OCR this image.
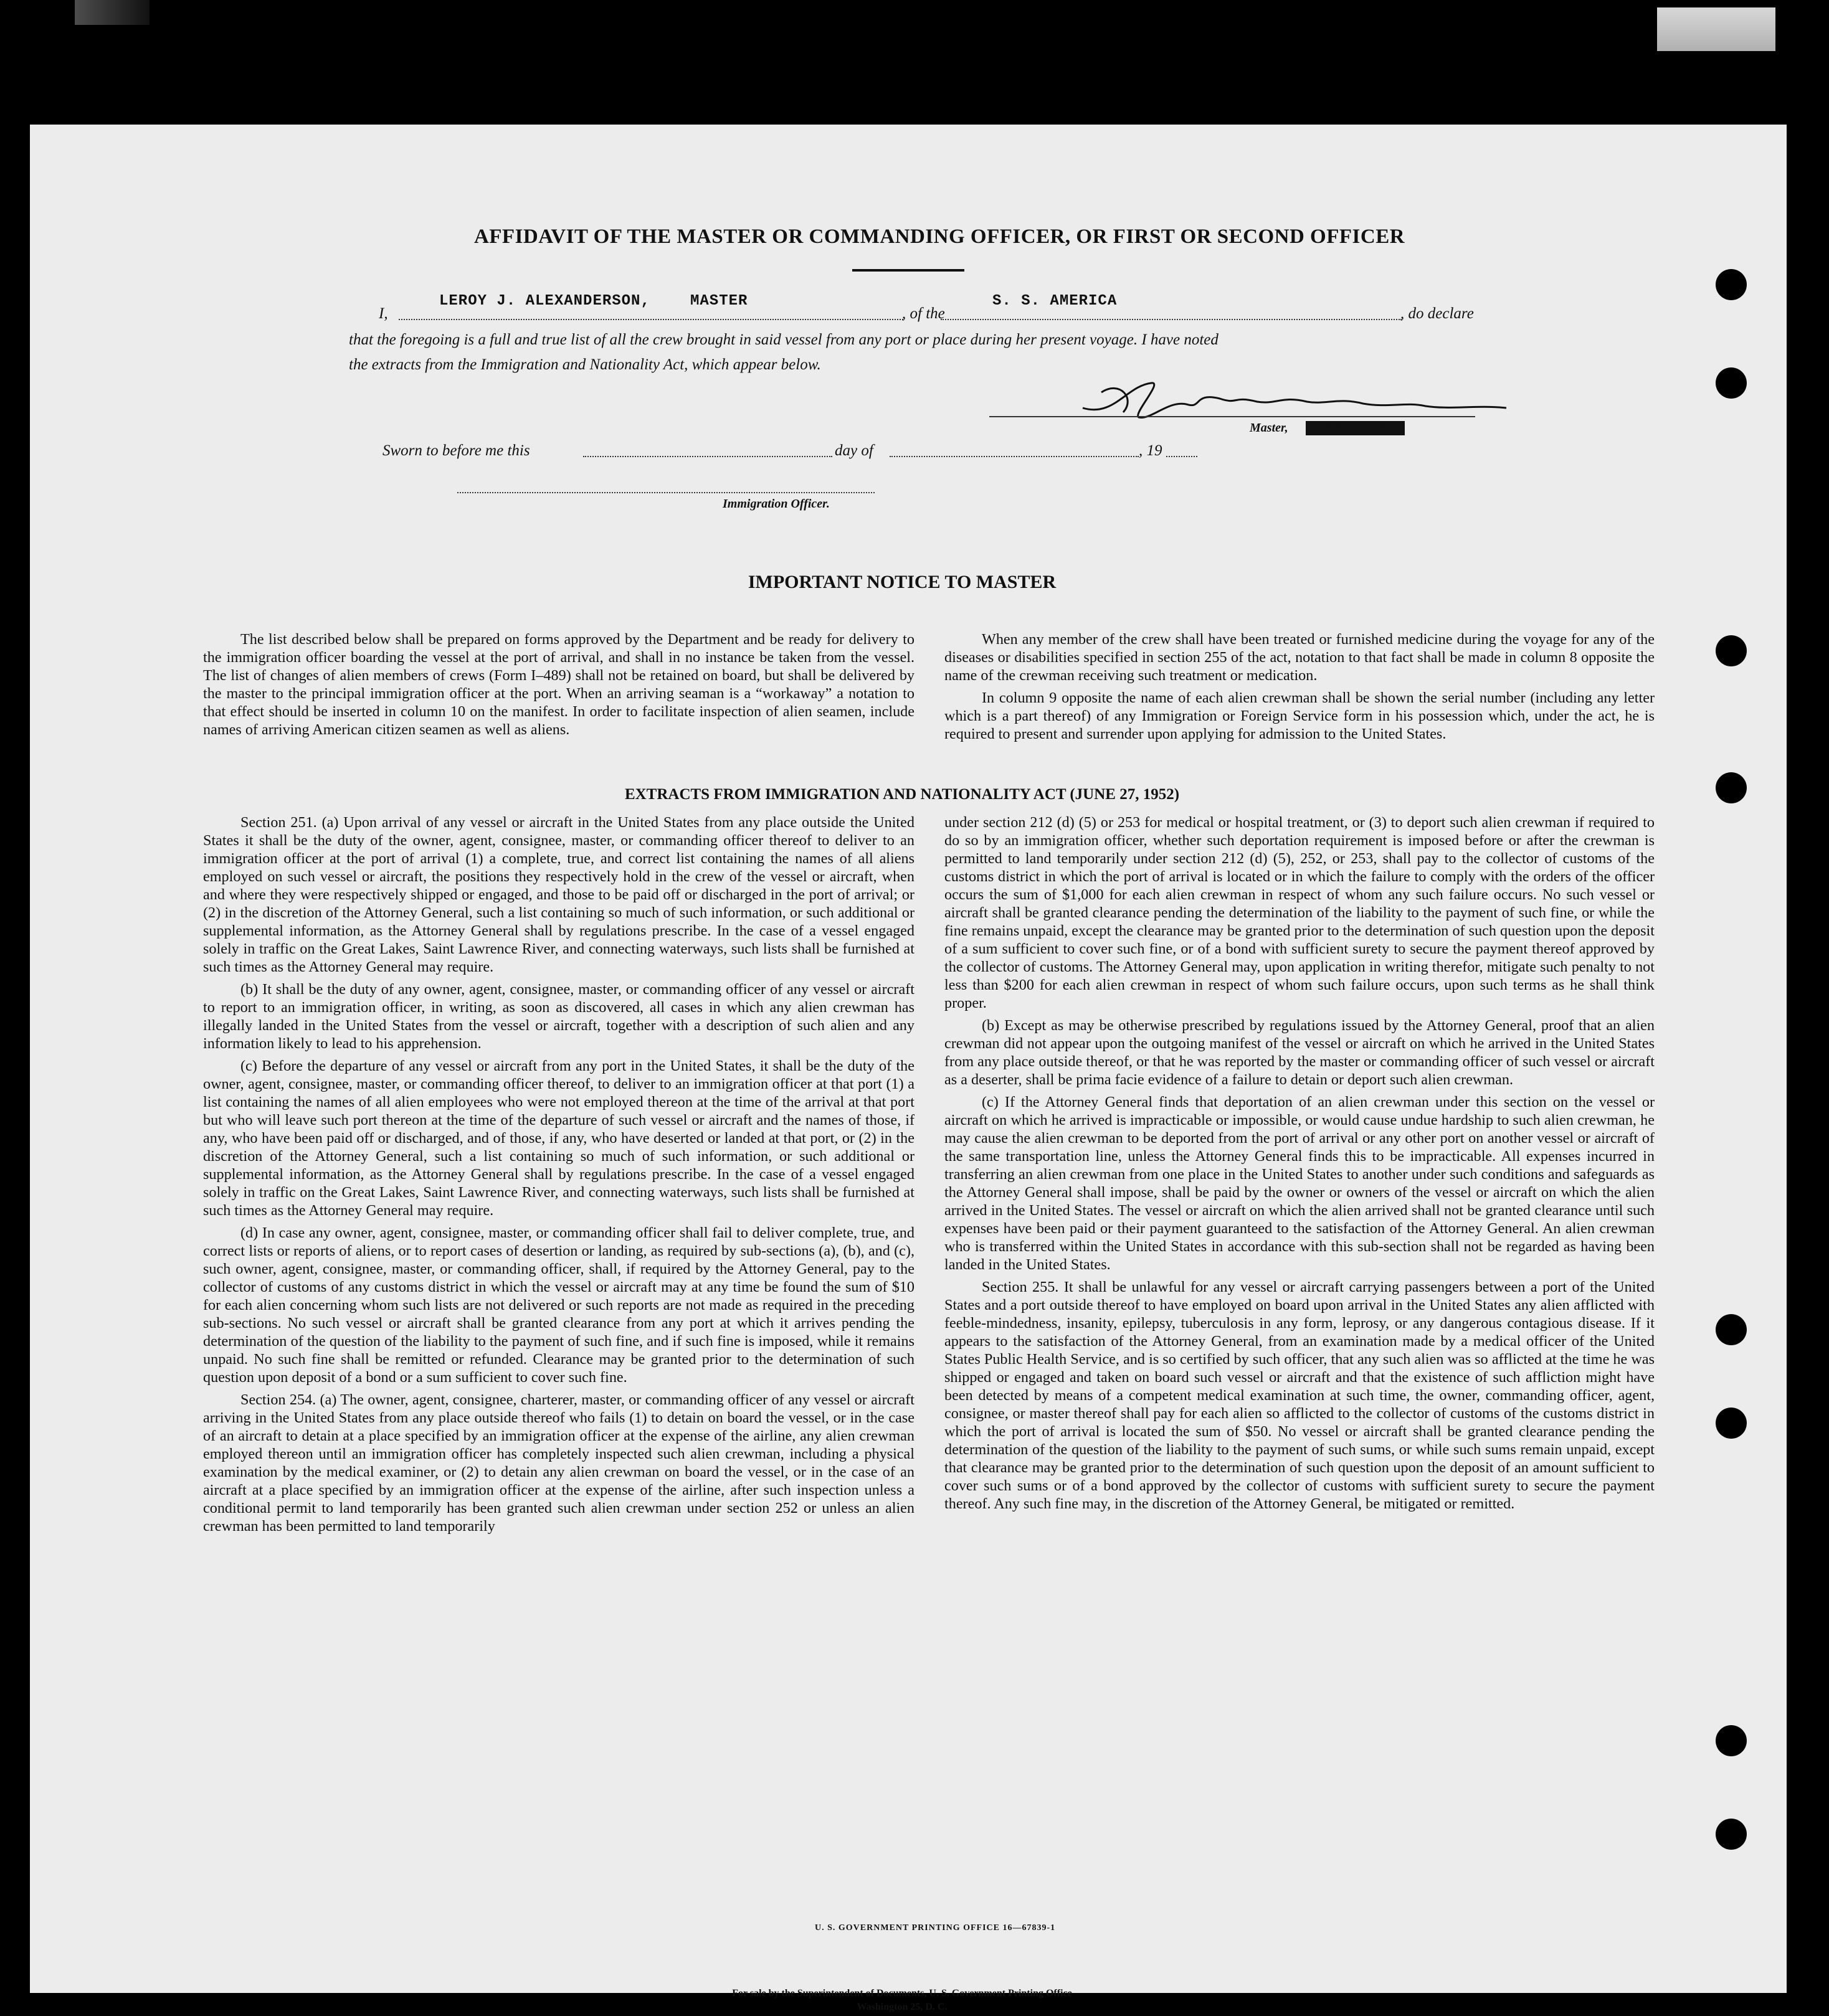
AFFIDAVIT OF THE MASTER OR COMMANDING OFFICER, OR FIRST OR SECOND OFFICER
I,
LEROY J. ALEXANDERSON,	MASTER
, of the
S. S. AMERICA
, do declare
that the foregoing is a full and true list of all the crew brought in said vessel from any port or place during her present voyage. I have noted
the extracts from the Immigration and Nationality Act, which appear below.
Master, XXXXXXXXXXX
Sworn to before me this	day of	, 19
Immigration Officer.
IMPORTANT NOTICE TO MASTER

The list described below shall be prepared on forms approved by the Department and be ready for delivery to the immigration officer boarding the vessel at the port of arrival, and shall in no instance be taken from the vessel. The list of changes of alien members of crews (Form I–489) shall not be retained on board, but shall be delivered by the master to the principal immigration officer at the port. When an arriving seaman is a “workaway” a notation to that effect should be inserted in column 10 on the manifest. In order to facilitate inspection of alien seamen, include names of arriving American citizen seamen as well as aliens.

When any member of the crew shall have been treated or furnished medicine during the voyage for any of the diseases or disabilities specified in section 255 of the act, notation to that fact shall be made in column 8 opposite the name of the crewman receiving such treatment or medication.

In column 9 opposite the name of each alien crewman shall be shown the serial number (including any letter which is a part thereof) of any Immigration or Foreign Service form in his possession which, under the act, he is required to present and surrender upon applying for admission to the United States.

EXTRACTS FROM IMMIGRATION AND NATIONALITY ACT (JUNE 27, 1952)

Section 251. (a) Upon arrival of any vessel or aircraft in the United States from any place outside the United States it shall be the duty of the owner, agent, consignee, master, or commanding officer thereof to deliver to an immigration officer at the port of arrival (1) a complete, true, and correct list containing the names of all aliens employed on such vessel or aircraft, the positions they respectively hold in the crew of the vessel or aircraft, when and where they were respectively shipped or engaged, and those to be paid off or discharged in the port of arrival; or (2) in the discretion of the Attorney General, such a list containing so much of such information, or such additional or supplemental information, as the Attorney General shall by regulations prescribe. In the case of a vessel engaged solely in traffic on the Great Lakes, Saint Lawrence River, and connecting waterways, such lists shall be furnished at such times as the Attorney General may require.

(b) It shall be the duty of any owner, agent, consignee, master, or commanding officer of any vessel or aircraft to report to an immigration officer, in writing, as soon as discovered, all cases in which any alien crewman has illegally landed in the United States from the vessel or aircraft, together with a description of such alien and any information likely to lead to his apprehension.

(c) Before the departure of any vessel or aircraft from any port in the United States, it shall be the duty of the owner, agent, consignee, master, or commanding officer thereof, to deliver to an immigration officer at that port (1) a list containing the names of all alien employees who were not employed thereon at the time of the arrival at that port but who will leave such port thereon at the time of the departure of such vessel or aircraft and the names of those, if any, who have been paid off or discharged, and of those, if any, who have deserted or landed at that port, or (2) in the discretion of the Attorney General, such a list containing so much of such information, or such additional or supplemental information, as the Attorney General shall by regulations prescribe. In the case of a vessel engaged solely in traffic on the Great Lakes, Saint Lawrence River, and connecting waterways, such lists shall be furnished at such times as the Attorney General may require.

(d) In case any owner, agent, consignee, master, or commanding officer shall fail to deliver complete, true, and correct lists or reports of aliens, or to report cases of desertion or landing, as required by sub-sections (a), (b), and (c), such owner, agent, consignee, master, or commanding officer, shall, if required by the Attorney General, pay to the collector of customs of any customs district in which the vessel or aircraft may at any time be found the sum of $10 for each alien concerning whom such lists are not delivered or such reports are not made as required in the preceding sub-sections. No such vessel or aircraft shall be granted clearance from any port at which it arrives pending the determination of the question of the liability to the payment of such fine, and if such fine is imposed, while it remains unpaid. No such fine shall be remitted or refunded. Clearance may be granted prior to the determination of such question upon deposit of a bond or a sum sufficient to cover such fine.

Section 254. (a) The owner, agent, consignee, charterer, master, or commanding officer of any vessel or aircraft arriving in the United States from any place outside thereof who fails (1) to detain on board the vessel, or in the case of an aircraft to detain at a place specified by an immigration officer at the expense of the airline, any alien crewman employed thereon until an immigration officer has completely inspected such alien crewman, including a physical examination by the medical examiner, or (2) to detain any alien crewman on board the vessel, or in the case of an aircraft at a place specified by an immigration officer at the expense of the airline, after such inspection unless a conditional permit to land temporarily has been granted such alien crewman under section 252 or unless an alien crewman has been permitted to land temporarily

under section 212 (d) (5) or 253 for medical or hospital treatment, or (3) to deport such alien crewman if required to do so by an immigration officer, whether such deportation requirement is imposed before or after the crewman is permitted to land temporarily under section 212 (d) (5), 252, or 253, shall pay to the collector of customs of the customs district in which the port of arrival is located or in which the failure to comply with the orders of the officer occurs the sum of $1,000 for each alien crewman in respect of whom any such failure occurs. No such vessel or aircraft shall be granted clearance pending the determination of the liability to the payment of such fine, or while the fine remains unpaid, except the clearance may be granted prior to the determination of such question upon the deposit of a sum sufficient to cover such fine, or of a bond with sufficient surety to secure the payment thereof approved by the collector of customs. The Attorney General may, upon application in writing therefor, mitigate such penalty to not less than $200 for each alien crewman in respect of whom such failure occurs, upon such terms as he shall think proper.

(b) Except as may be otherwise prescribed by regulations issued by the Attorney General, proof that an alien crewman did not appear upon the outgoing manifest of the vessel or aircraft on which he arrived in the United States from any place outside thereof, or that he was reported by the master or commanding officer of such vessel or aircraft as a deserter, shall be prima facie evidence of a failure to detain or deport such alien crewman.

(c) If the Attorney General finds that deportation of an alien crewman under this section on the vessel or aircraft on which he arrived is impracticable or impossible, or would cause undue hardship to such alien crewman, he may cause the alien crewman to be deported from the port of arrival or any other port on another vessel or aircraft of the same transportation line, unless the Attorney General finds this to be impracticable. All expenses incurred in transferring an alien crewman from one place in the United States to another under such conditions and safeguards as the Attorney General shall impose, shall be paid by the owner or owners of the vessel or aircraft on which the alien arrived in the United States. The vessel or aircraft on which the alien arrived shall not be granted clearance until such expenses have been paid or their payment guaranteed to the satisfaction of the Attorney General. An alien crewman who is transferred within the United States in accordance with this sub-section shall not be regarded as having been landed in the United States.

Section 255. It shall be unlawful for any vessel or aircraft carrying passengers between a port of the United States and a port outside thereof to have employed on board upon arrival in the United States any alien afflicted with feeble-mindedness, insanity, epilepsy, tuberculosis in any form, leprosy, or any dangerous contagious disease. If it appears to the satisfaction of the Attorney General, from an examination made by a medical officer of the United States Public Health Service, and is so certified by such officer, that any such alien was so afflicted at the time he was shipped or engaged and taken on board such vessel or aircraft and that the existence of such affliction might have been detected by means of a competent medical examination at such time, the owner, commanding officer, agent, consignee, or master thereof shall pay for each alien so afflicted to the collector of customs of the customs district in which the port of arrival is located the sum of $50. No vessel or aircraft shall be granted clearance pending the determination of the question of the liability to the payment of such sums, or while such sums remain unpaid, except that clearance may be granted prior to the determination of such question upon the deposit of an amount sufficient to cover such sums or of a bond approved by the collector of customs with sufficient surety to secure the payment thereof. Any such fine may, in the discretion of the Attorney General, be mitigated or remitted.

U. S. GOVERNMENT PRINTING OFFICE 16—67839-1
For sale by the Superintendent of Documents, U. S. Government Printing Office
Washington 25, D. C.
